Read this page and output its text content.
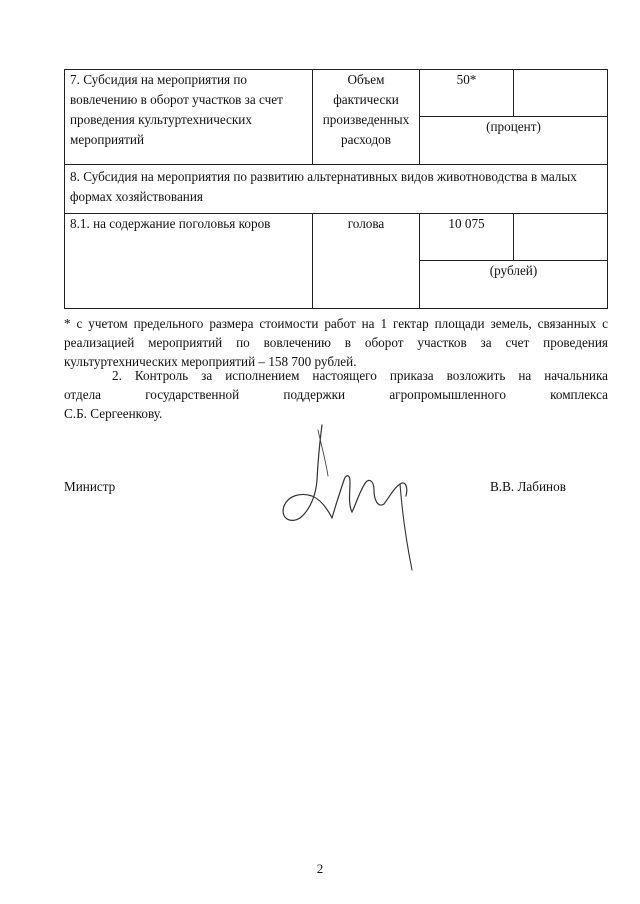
7. Субсидия на мероприятия по вовлечению в оборот участков за счет проведения культуртехнических мероприятий	Объем фактически произведенных расходов	50*	
		(процент)	
8. Субсидия на мероприятия по развитию альтернативных видов животноводства в малых формах хозяйствования			
8.1. на содержание поголовья коров	голова	10 075	
		(рублей)	
* с учетом предельного размера стоимости работ на 1 гектар площади земель, связанных с реализацией мероприятий по вовлечению в оборот участков за счет проведения культуртехнических мероприятий – 158 700 рублей.
2. Контроль за исполнением настоящего приказа возложить на начальника
отдела государственной поддержки агропромышленного комплекса
С.Б. Сергеенкову.
Министр	В.В. Лабинов
2
